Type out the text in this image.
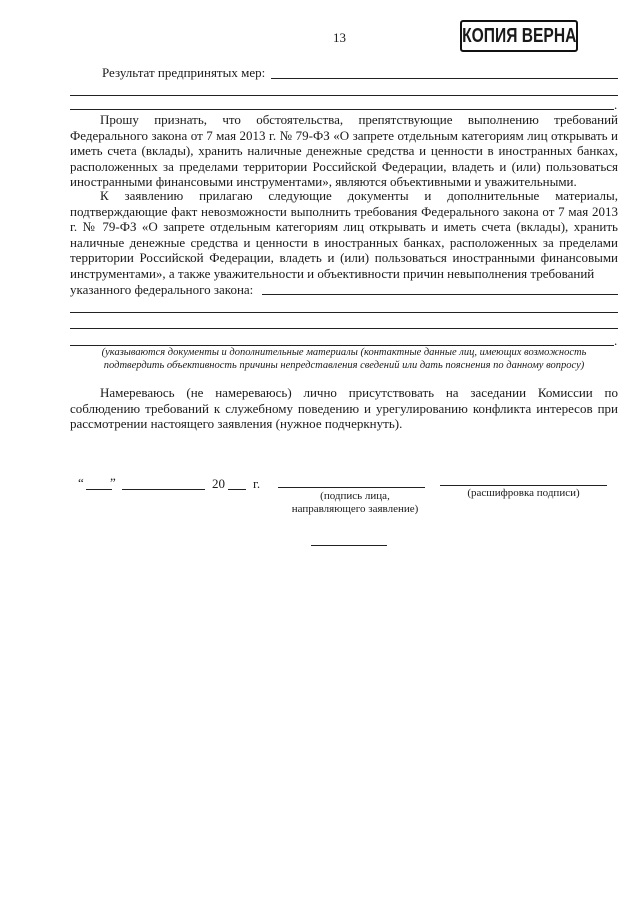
13	КОПИЯ ВЕРНА
Результат предпринятых мер:
.
Прошу признать, что обстоятельства, препятствующие выполнению требований Федерального закона от 7 мая 2013 г. № 79-ФЗ «О запрете отдельным категориям лиц открывать и иметь счета (вклады), хранить наличные денежные средства и ценности в иностранных банках, расположенных за пределами территории Российской Федерации, владеть и (или) пользоваться иностранными финансовыми инструментами», являются объективными и уважительными.
К заявлению прилагаю следующие документы и дополнительные материалы, подтверждающие факт невозможности выполнить требования Федерального закона от 7 мая 2013 г. № 79-ФЗ «О запрете отдельным категориям лиц открывать и иметь счета (вклады), хранить наличные денежные средства и ценности в иностранных банках, расположенных за пределами территории Российской Федерации, владеть и (или) пользоваться иностранными финансовыми инструментами», а также уважительности и объективности причин невыполнения требований
указанного федерального закона:
.
(указываются документы и дополнительные материалы (контактные данные лиц, имеющих возможность
подтвердить объективность причины непредставления сведений или дать пояснения по данному вопросу)
Намереваюсь (не намереваюсь) лично присутствовать на заседании Комиссии по соблюдению требований к служебному поведению и урегулированию конфликта интересов при рассмотрении настоящего заявления (нужное подчеркнуть).
“ ”	20 г.
(подпись лица,
направляющего заявление)
(расшифровка подписи)
